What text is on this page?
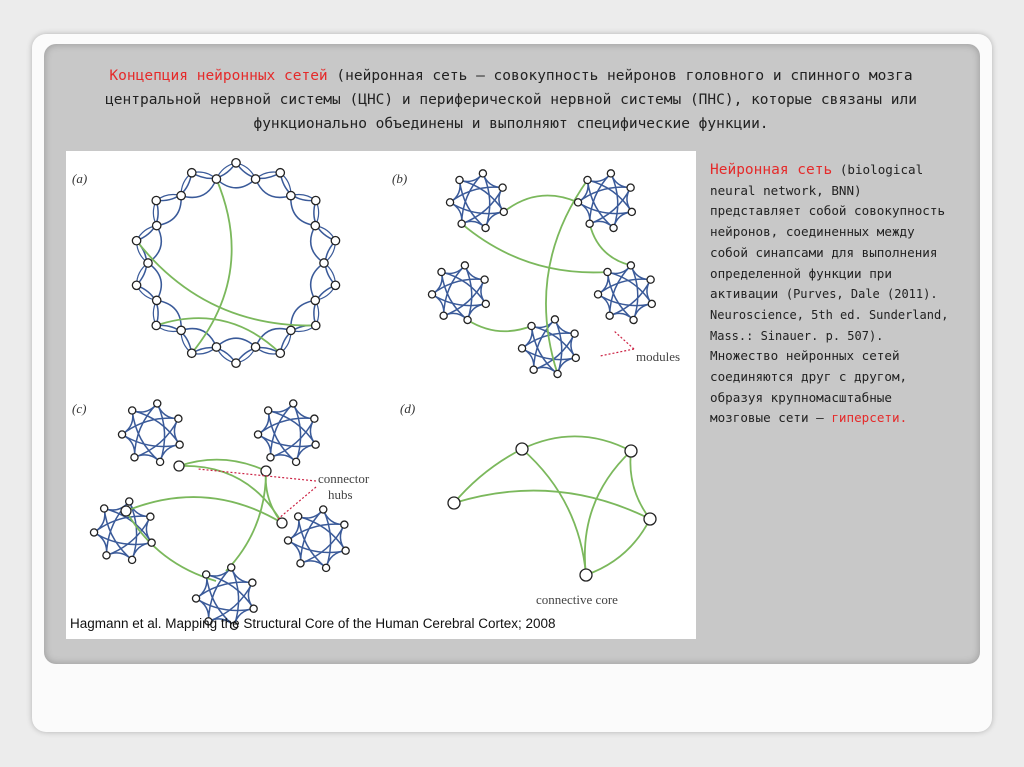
Концепция нейронных сетей (нейронная сеть – совокупность нейронов головного и спинного мозга центральной нервной системы (ЦНС) и периферической нервной системы (ПНС), которые связаны или функционально объединены и выполняют специфические функции.

(a)	(b)
(c)	(d)
modules
connector
hubs
connective core
Hagmann et al. Mapping the Structural Core of the Human Cerebral Cortex; 2008

Нейронная сеть (biological neural network, BNN) представляет собой совокупность нейронов, соединенных между собой синапсами для выполнения определенной функции при активации (Purves, Dale (2011). Neuroscience, 5th ed. Sunderland, Mass.: Sinauer. p. 507). Множество нейронных сетей соединяются друг с другом, образуя крупномасштабные мозговые сети – гиперсети.
